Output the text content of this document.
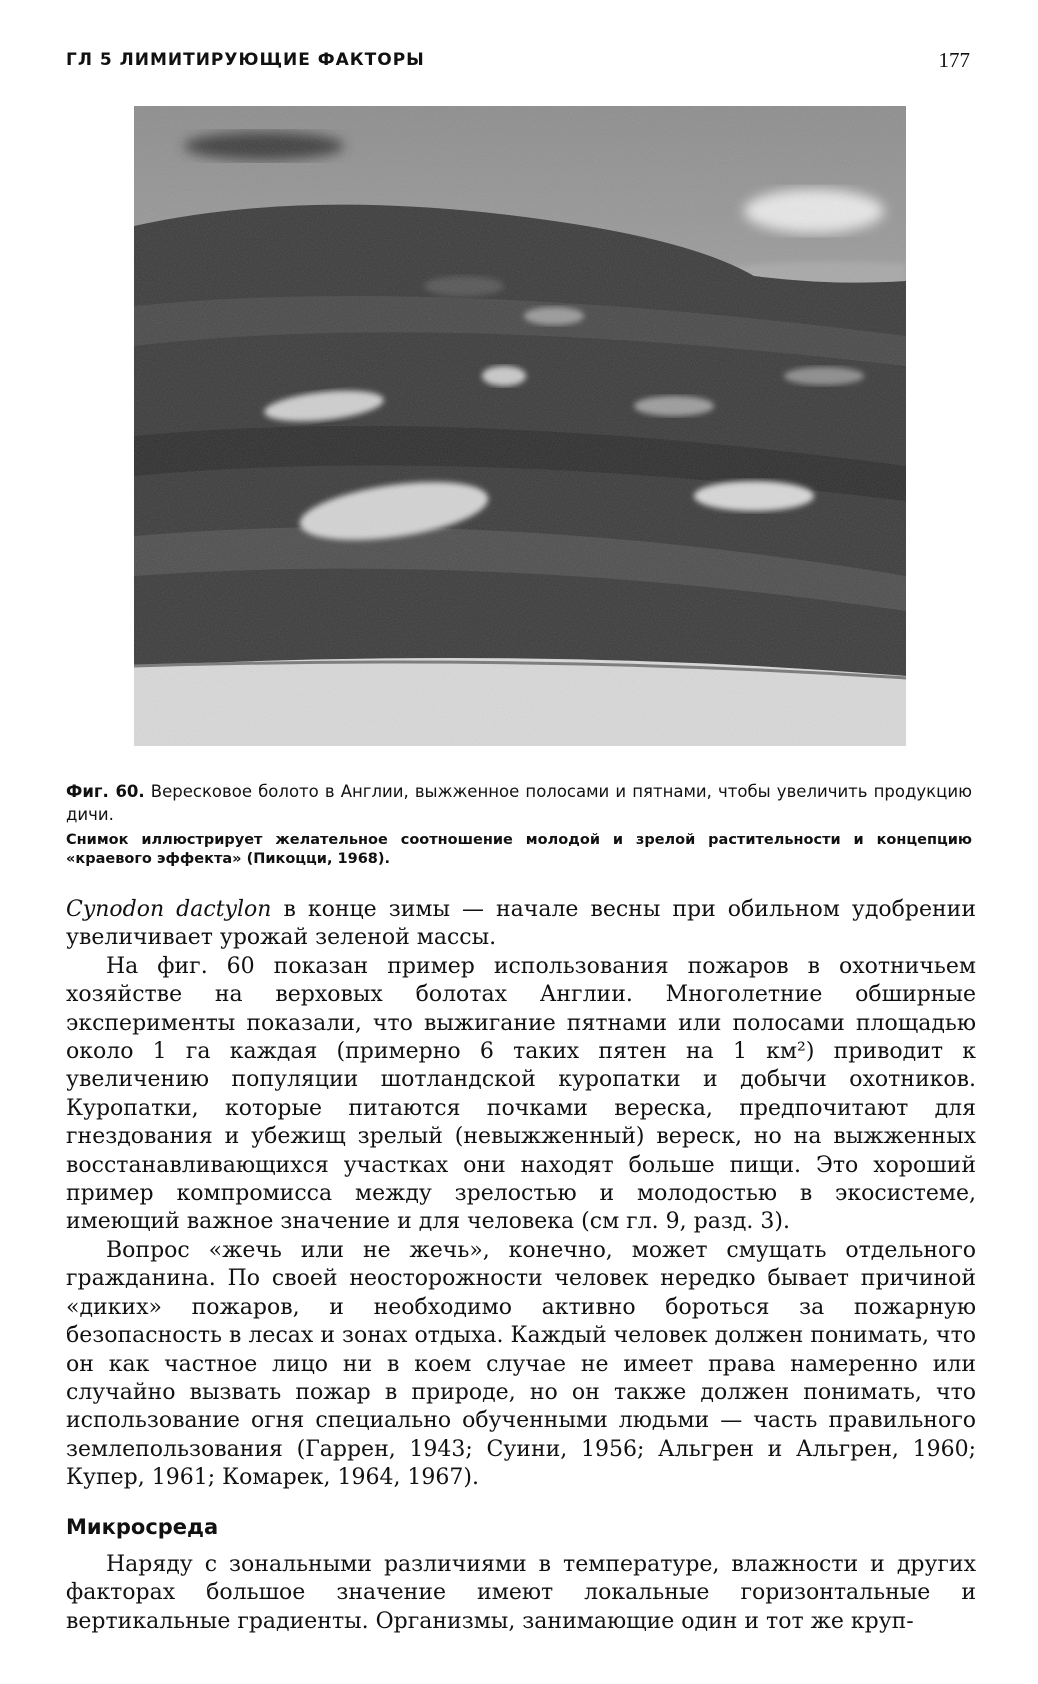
ГЛ 5 ЛИМИТИРУЮЩИЕ ФАКТОРЫ	177
Фиг. 60. Вересковое болото в Англии, выжженное полосами и пятнами, чтобы увеличить продукцию дичи.
Снимок иллюстрирует желательное соотношение молодой и зрелой растительности и концепцию «краевого эффекта» (Пикоцци, 1968).

Cynodon dactylon в конце зимы — начале весны при обильном удобрении увеличивает урожай зеленой массы.

На фиг. 60 показан пример использования пожаров в охотничьем хозяйстве на верховых болотах Англии. Многолетние обширные эксперименты показали, что выжигание пятнами или полосами площадью около 1 га каждая (примерно 6 таких пятен на 1 км²) приводит к увеличению популяции шотландской куропатки и добычи охотников. Куропатки, которые питаются почками вереска, предпочитают для гнездования и убежищ зрелый (невыжженный) вереск, но на выжженных восстанавливающихся участках они находят больше пищи. Это хороший пример компромисса между зрелостью и молодостью в экосистеме, имеющий важное значение и для человека (см гл. 9, разд. 3).

Вопрос «жечь или не жечь», конечно, может смущать отдельного гражданина. По своей неосторожности человек нередко бывает причиной «диких» пожаров, и необходимо активно бороться за пожарную безопасность в лесах и зонах отдыха. Каждый человек должен понимать, что он как частное лицо ни в коем случае не имеет права намеренно или случайно вызвать пожар в природе, но он также должен понимать, что использование огня специально обученными людьми — часть правильного землепользования (Гаррен, 1943; Суини, 1956; Альгрен и Альгрен, 1960; Купер, 1961; Комарек, 1964, 1967).

Микросреда

Наряду с зональными различиями в температуре, влажности и других факторах большое значение имеют локальные горизонтальные и вертикальные градиенты. Организмы, занимающие один и тот же круп-
